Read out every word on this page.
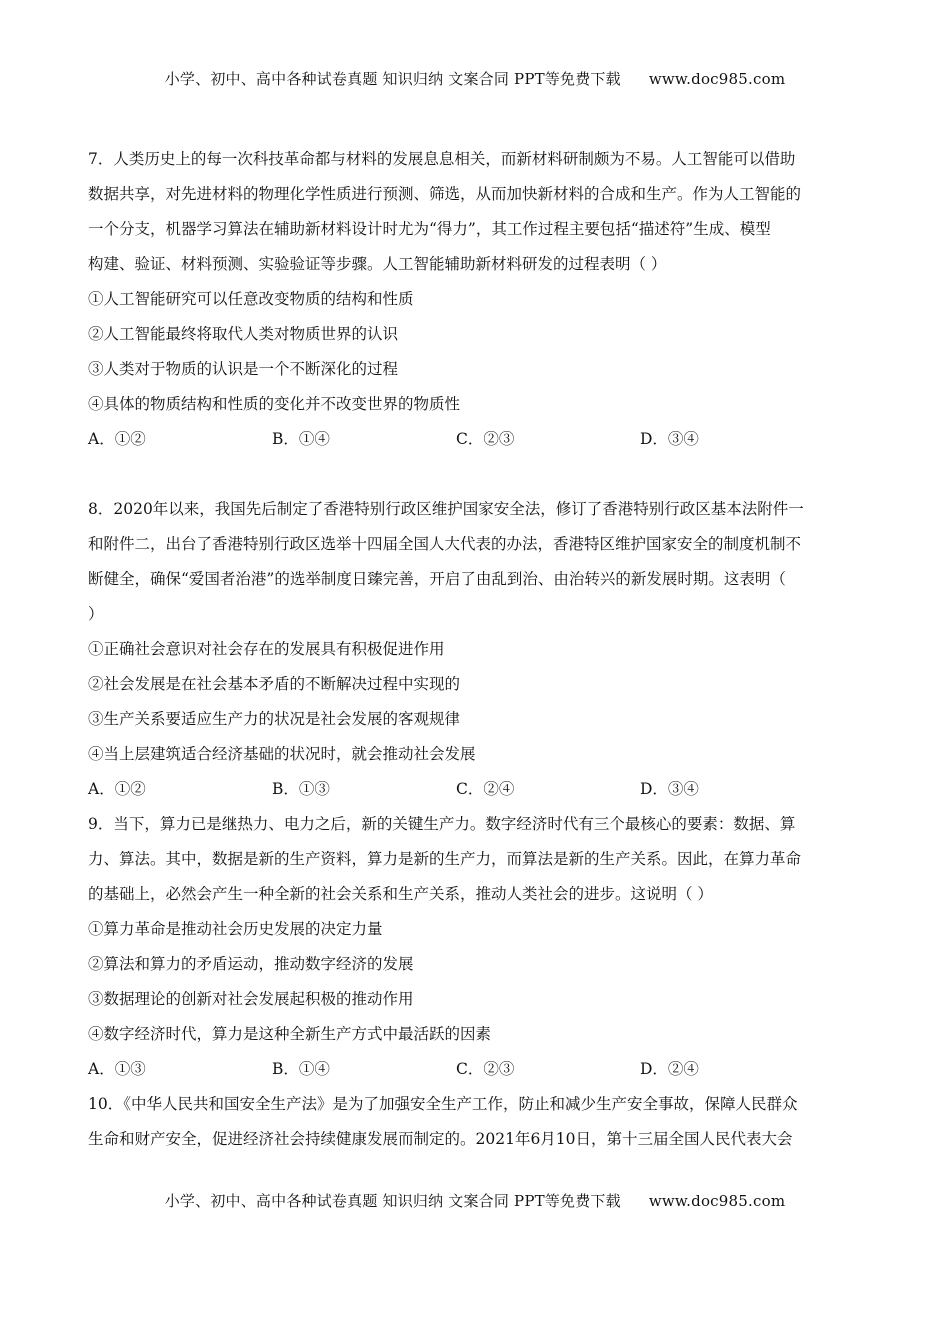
小学、初中、高中各种试卷真题 知识归纳 文案合同 PPT等免费下载 www.doc985.com
7．人类历史上的每一次科技革命都与材料的发展息息相关，而新材料研制颇为不易。人工智能可以借助
数据共享，对先进材料的物理化学性质进行预测、筛选，从而加快新材料的合成和生产。作为人工智能的
一个分支，机器学习算法在辅助新材料设计时尤为“得力”，其工作过程主要包括“描述符”生成、模型
构建、验证、材料预测、实验验证等步骤。人工智能辅助新材料研发的过程表明（ ）
①人工智能研究可以任意改变物质的结构和性质
②人工智能最终将取代人类对物质世界的认识
③人类对于物质的认识是一个不断深化的过程
④具体的物质结构和性质的变化并不改变世界的物质性
A．①②	B．①④	C．②③	D．③④
8．2020年以来，我国先后制定了香港特别行政区维护国家安全法，修订了香港特别行政区基本法附件一
和附件二，出台了香港特别行政区选举十四届全国人大代表的办法，香港特区维护国家安全的制度机制不
断健全，确保“爱国者治港”的选举制度日臻完善，开启了由乱到治、由治转兴的新发展时期。这表明（
）
①正确社会意识对社会存在的发展具有积极促进作用
②社会发展是在社会基本矛盾的不断解决过程中实现的
③生产关系要适应生产力的状况是社会发展的客观规律
④当上层建筑适合经济基础的状况时，就会推动社会发展
A．①②	B．①③	C．②④	D．③④
9．当下，算力已是继热力、电力之后，新的关键生产力。数字经济时代有三个最核心的要素：数据、算
力、算法。其中，数据是新的生产资料，算力是新的生产力，而算法是新的生产关系。因此，在算力革命
的基础上，必然会产生一种全新的社会关系和生产关系，推动人类社会的进步。这说明（ ）
①算力革命是推动社会历史发展的决定力量
②算法和算力的矛盾运动，推动数字经济的发展
③数据理论的创新对社会发展起积极的推动作用
④数字经济时代，算力是这种全新生产方式中最活跃的因素
A．①③	B．①④	C．②③	D．②④
10．《中华人民共和国安全生产法》是为了加强安全生产工作，防止和减少生产安全事故，保障人民群众
生命和财产安全，促进经济社会持续健康发展而制定的。2021年6月10日，第十三届全国人民代表大会
小学、初中、高中各种试卷真题 知识归纳 文案合同 PPT等免费下载 www.doc985.com
